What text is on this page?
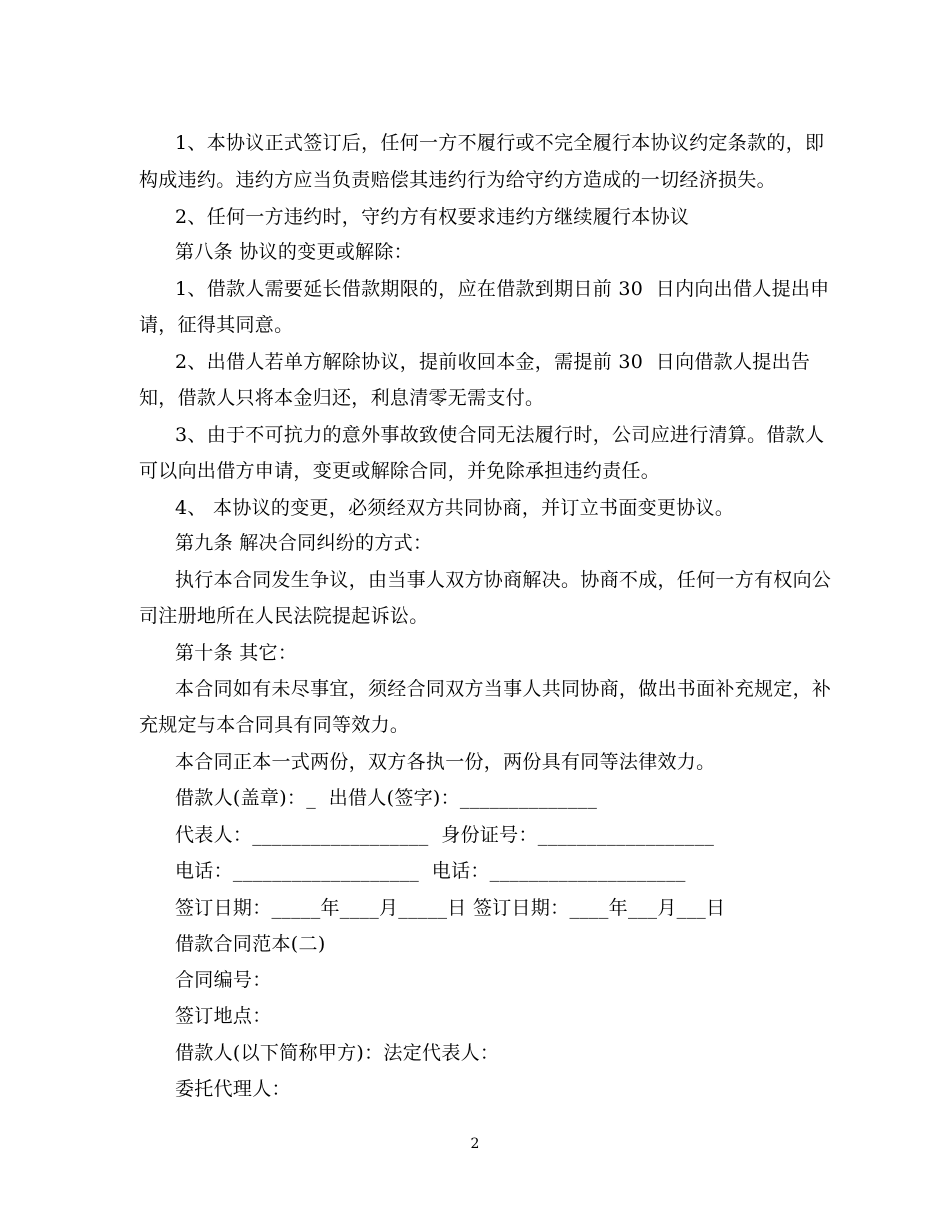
1、本协议正式签订后，任何一方不履行或不完全履行本协议约定条款的，即
构成违约。违约方应当负责赔偿其违约行为给守约方造成的一切经济损失。
2、任何一方违约时，守约方有权要求违约方继续履行本协议
第八条 协议的变更或解除：
1、借款人需要延长借款期限的，应在借款到期日前 30  日内向出借人提出申
请，征得其同意。
2、出借人若单方解除协议，提前收回本金，需提前 30  日向借款人提出告
知，借款人只将本金归还，利息清零无需支付。
3、由于不可抗力的意外事故致使合同无法履行时，公司应进行清算。借款人
可以向出借方申请，变更或解除合同，并免除承担违约责任。
4、 本协议的变更，必须经双方共同协商，并订立书面变更协议。
第九条 解决合同纠纷的方式：
执行本合同发生争议，由当事人双方协商解决。协商不成，任何一方有权向公
司注册地所在人民法院提起诉讼。
第十条 其它：
本合同如有未尽事宜，须经合同双方当事人共同协商，做出书面补充规定，补
充规定与本合同具有同等效力。
本合同正本一式两份，双方各执一份，两份具有同等法律效力。
借款人(盖章)：_  出借人(签字)：______________
代表人：__________________  身份证号：__________________
电话：___________________  电话：____________________
签订日期：_____年____月_____日 签订日期：____年___月___日
借款合同范本(二)
合同编号：
签订地点：
借款人(以下简称甲方)：法定代表人：
委托代理人：
2
